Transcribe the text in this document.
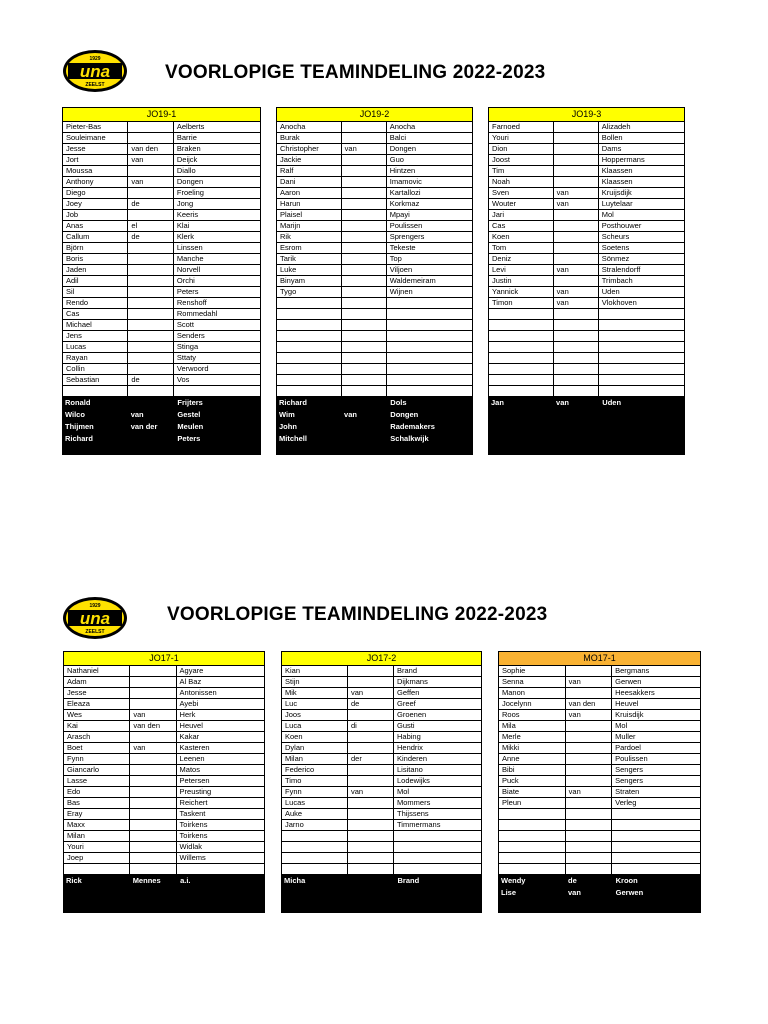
1929
una
ZEELST
VOORLOPIGE TEAMINDELING 2022-2023
JO19-1		
Pieter-Bas		Aelberts
Souleimane		Barrie
Jesse	van den	Braken
Jort	van	Deijck
Moussa		Diallo
Anthony	van	Dongen
Diego		Froeling
Joey	de	Jong
Job		Keeris
Anas	el	Klai
Callum	de	Klerk
Björn		Linssen
Boris		Manche
Jaden		Norvell
Adil		Orchi
Sil		Peters
Rendo		Renshoff
Cas		Rommedahl
Michael		Scott
Jens		Senders
Lucas		Stinga
Rayan		Sttaty
Collin		Verwoord
Sebastian	de	Vos

Ronald	Frijters
Wilco	van	Gestel
Thijmen	van der	Meulen
Richard	Peters
JO19-2		
Anocha		Anocha
Burak		Balci
Christopher	van	Dongen
Jackie		Guo
Ralf		Hintzen
Dani		Imamovic
Aaron		Kartallozi
Harun		Korkmaz
Plaisel		Mpayi
Marijn		Poulissen
Rik		Sprengers
Esrom		Tekeste
Tarik		Top
Luke		Viljoen
Binyam		Waldemeiram
Tygo		Wijnen

Richard	Dols
Wim	van	Dongen
John	Rademakers
Mitchell	Schalkwijk
JO19-3		
Farnoed		Alizadeh
Youri		Bollen
Dion		Dams
Joost		Hoppermans
Tim		Klaassen
Noah		Klaassen
Sven	van	Kruijsdijk
Wouter	van	Luytelaar
Jari		Mol
Cas		Posthouwer
Koen		Scheurs
Tom		Soetens
Deniz		Sönmez
Levi	van	Stralendorff
Justin		Trimbach
Yannick	van	Uden
Timon	van	Vlokhoven

Jan	van	Uden
1929
una
ZEELST
VOORLOPIGE TEAMINDELING 2022-2023
JO17-1		
Nathaniel		Agyare
Adam		Al Baz
Jesse		Antonissen
Eleaza		Ayebi
Wes	van	Herk
Kai	van den	Heuvel
Arasch		Kakar
Boet	van	Kasteren
Fynn		Leenen
Giancarlo		Matos
Lasse		Petersen
Edo		Preusting
Bas		Reichert
Eray		Taskent
Maxx		Toirkens
Milan		Toirkens
Youri		Widlak
Joep		Willems

Rick	Mennes	a.i.
JO17-2		
Kian		Brand
Stijn		Dijkmans
Mik	van	Geffen
Luc	de	Greef
Joos		Groenen
Luca	di	Gusti
Koen		Habing
Dylan		Hendrix
Milan	der	Kinderen
Federico		Lisitano
Timo		Lodewijks
Fynn	van	Mol
Lucas		Mommers
Auke		Thijssens
Jarno		Timmermans

Micha	Brand
MO17-1		
Sophie		Bergmans
Senna	van	Gerwen
Manon		Heesakkers
Jocelynn	van den	Heuvel
Roos	van	Kruisdijk
Mila		Mol
Merle		Muller
Mikki		Pardoel
Anne		Poulissen
Bibi		Sengers
Puck		Sengers
Biate	van	Straten
Pleun		Verleg

Wendy	de	Kroon
Lise	van	Gerwen
